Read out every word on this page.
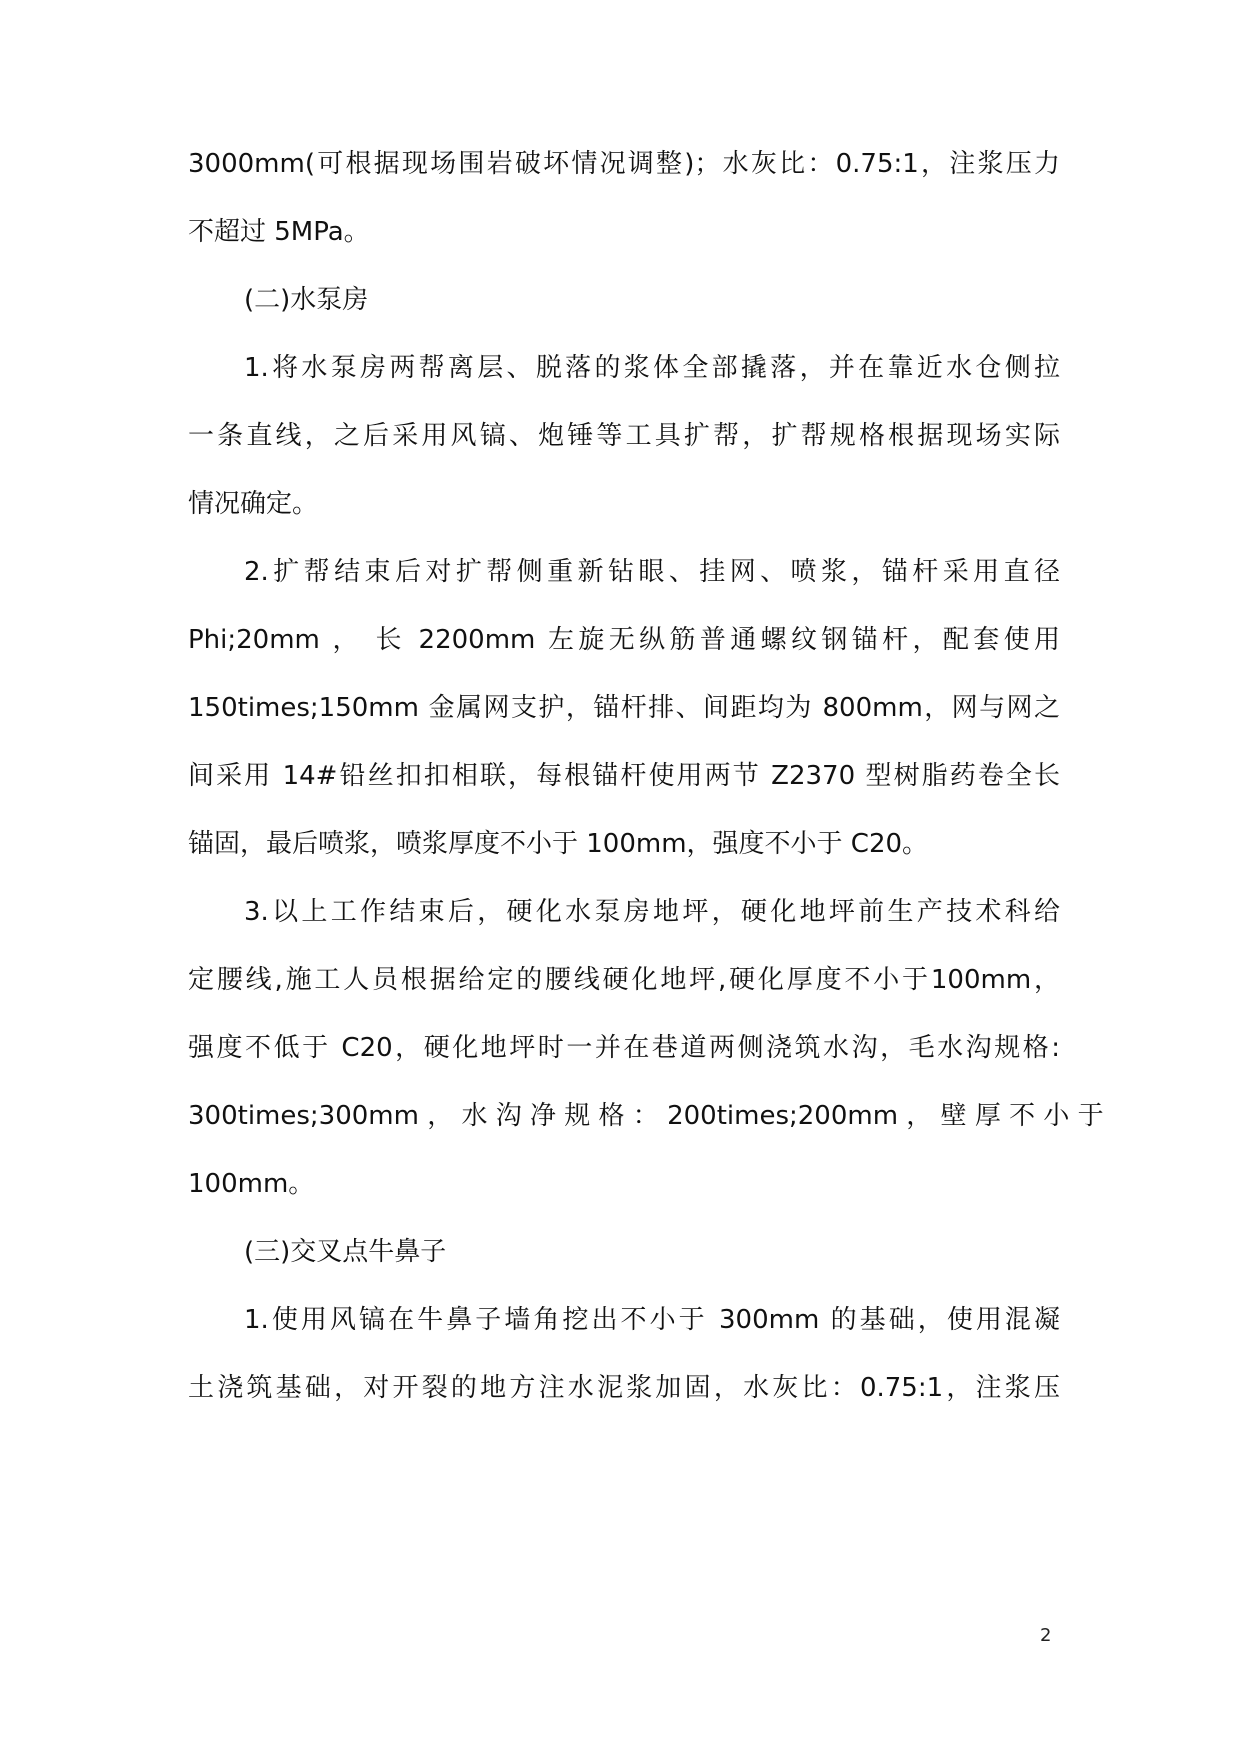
3000mm(可根据现场围岩破坏情况调整)；水灰比：0.75:1，注浆压力
不超过 5MPa。
(二)水泵房
1.将水泵房两帮离层、脱落的浆体全部撬落，并在靠近水仓侧拉
一条直线，之后采用风镐、炮锤等工具扩帮，扩帮规格根据现场实际
情况确定。
2.扩帮结束后对扩帮侧重新钻眼、挂网、喷浆，锚杆采用直径
Phi;20mm ， 长 2200mm 左旋无纵筋普通螺纹钢锚杆，配套使用
150times;150mm 金属网支护，锚杆排、间距均为 800mm，网与网之
间采用 14#铅丝扣扣相联，每根锚杆使用两节 Z2370 型树脂药卷全长
锚固，最后喷浆，喷浆厚度不小于 100mm，强度不小于 C20。
3.以上工作结束后，硬化水泵房地坪，硬化地坪前生产技术科给
定腰线,施工人员根据给定的腰线硬化地坪,硬化厚度不小于100mm，
强度不低于 C20，硬化地坪时一并在巷道两侧浇筑水沟，毛水沟规格:
300times;300mm ， 水 沟 净 规 格 ： 200times;200mm ， 壁 厚 不 小 于
100mm。
(三)交叉点牛鼻子
1.使用风镐在牛鼻子墙角挖出不小于 300mm 的基础，使用混凝
土浇筑基础，对开裂的地方注水泥浆加固，水灰比：0.75:1，注浆压
2
